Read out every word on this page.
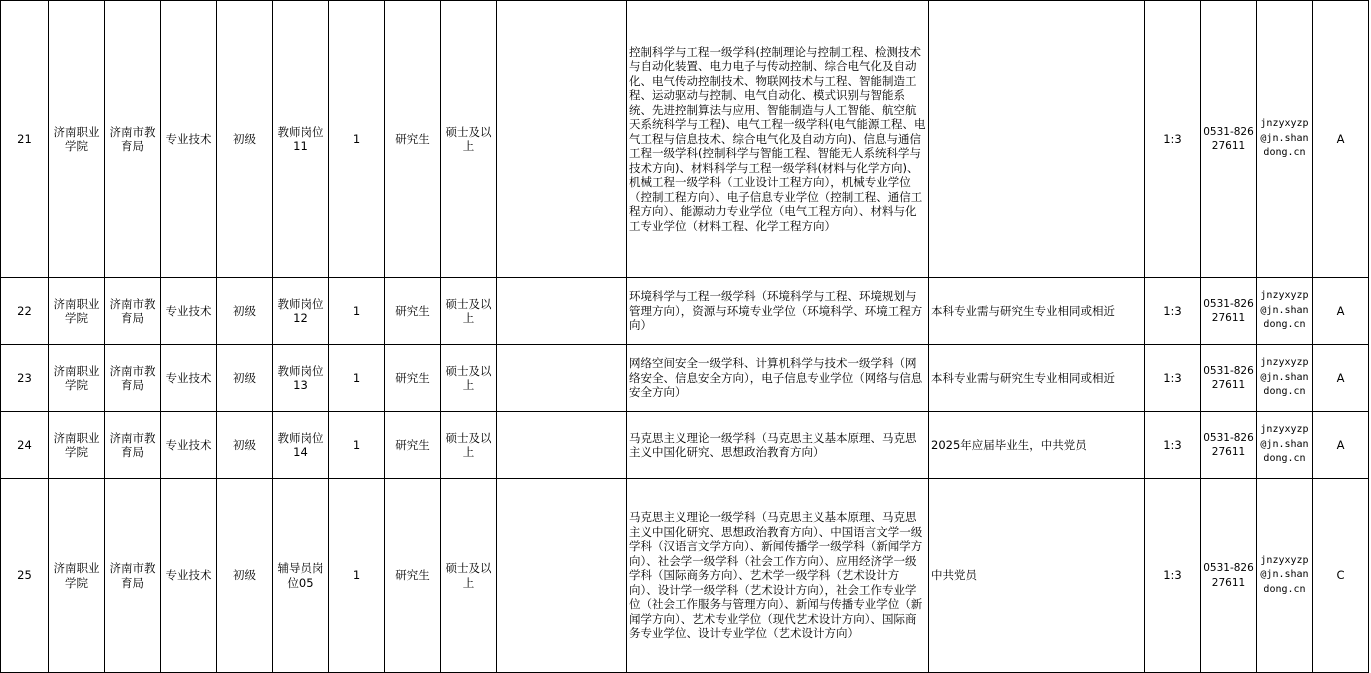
21	济南职业学院	济南市教育局	专业技术	初级	教师岗位11	1	研究生	硕士及以上		控制科学与工程一级学科(控制理论与控制工程、检测技术与自动化装置、电力电子与传动控制、综合电气化及自动化、电气传动控制技术、物联网技术与工程、智能制造工程、运动驱动与控制、电气自动化、模式识别与智能系统、先进控制算法与应用、智能制造与人工智能、航空航天系统科学与工程)、电气工程一级学科(电气能源工程、电气工程与信息技术、综合电气化及自动方向)、信息与通信工程一级学科(控制科学与智能工程、智能无人系统科学与技术方向)、材料科学与工程一级学科(材料与化学方向)、机械工程一级学科（工业设计工程方向），机械专业学位（控制工程方向）、电子信息专业学位（控制工程、通信工程方向）、能源动力专业学位（电气工程方向）、材料与化工专业学位（材料工程、化学工程方向）		1:3	0531-82627611	jnzyxyzp@jn.shandong.cn	A
22	济南职业学院	济南市教育局	专业技术	初级	教师岗位12	1	研究生	硕士及以上		环境科学与工程一级学科（环境科学与工程、环境规划与管理方向），资源与环境专业学位（环境科学、环境工程方向）	本科专业需与研究生专业相同或相近	1:3	0531-82627611	jnzyxyzp@jn.shandong.cn	A
23	济南职业学院	济南市教育局	专业技术	初级	教师岗位13	1	研究生	硕士及以上		网络空间安全一级学科、计算机科学与技术一级学科（网络安全、信息安全方向），电子信息专业学位（网络与信息安全方向）	本科专业需与研究生专业相同或相近	1:3	0531-82627611	jnzyxyzp@jn.shandong.cn	A
24	济南职业学院	济南市教育局	专业技术	初级	教师岗位14	1	研究生	硕士及以上		马克思主义理论一级学科（马克思主义基本原理、马克思主义中国化研究、思想政治教育方向）	2025年应届毕业生，中共党员	1:3	0531-82627611	jnzyxyzp@jn.shandong.cn	A
25	济南职业学院	济南市教育局	专业技术	初级	辅导员岗位05	1	研究生	硕士及以上		马克思主义理论一级学科（马克思主义基本原理、马克思主义中国化研究、思想政治教育方向）、中国语言文学一级学科（汉语言文学方向）、新闻传播学一级学科（新闻学方向）、社会学一级学科（社会工作方向）、应用经济学一级学科（国际商务方向）、艺术学一级学科（艺术设计方向）、设计学一级学科（艺术设计方向），社会工作专业学位（社会工作服务与管理方向）、新闻与传播专业学位（新闻学方向）、艺术专业学位（现代艺术设计方向）、国际商务专业学位、设计专业学位（艺术设计方向）	中共党员	1:3	0531-82627611	jnzyxyzp@jn.shandong.cn	C
